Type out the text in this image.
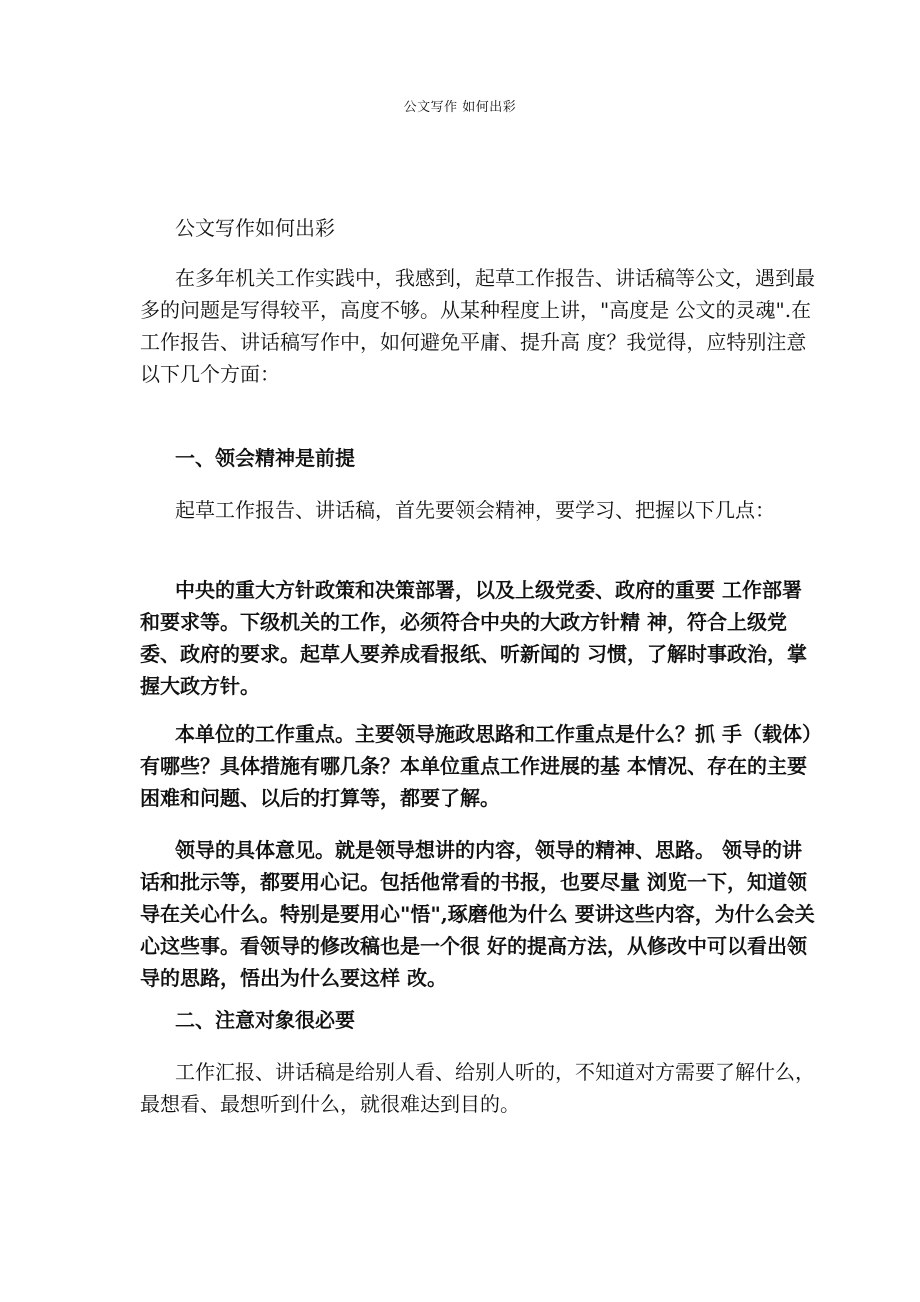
公文写作 如何出彩
公文写作如何出彩
在多年机关工作实践中，我感到，起草工作报告、讲话稿等公文，遇到最多的问题是写得较平，高度不够。从某种程度上讲，"高度是 公文的灵魂".在工作报告、讲话稿写作中，如何避免平庸、提升高 度？我觉得，应特别注意以下几个方面：
一、领会精神是前提
起草工作报告、讲话稿，首先要领会精神，要学习、把握以下几点：
中央的重大方针政策和决策部署，以及上级党委、政府的重要 工作部署和要求等。下级机关的工作，必须符合中央的大政方针精 神，符合上级党委、政府的要求。起草人要养成看报纸、听新闻的 习惯，了解时事政治，掌握大政方针。
本单位的工作重点。主要领导施政思路和工作重点是什么？抓 手（载体）有哪些？具体措施有哪几条？本单位重点工作进展的基 本情况、存在的主要困难和问题、以后的打算等，都要了解。
领导的具体意见。就是领导想讲的内容，领导的精神、思路。 领导的讲话和批示等，都要用心记。包括他常看的书报，也要尽量 浏览一下，知道领导在关心什么。特别是要用心"悟",琢磨他为什么 要讲这些内容，为什么会关心这些事。看领导的修改稿也是一个很 好的提高方法，从修改中可以看出领导的思路，悟出为什么要这样 改。
二、注意对象很必要
工作汇报、讲话稿是给别人看、给别人听的，不知道对方需要了解什么，最想看、最想听到什么，就很难达到目的。
